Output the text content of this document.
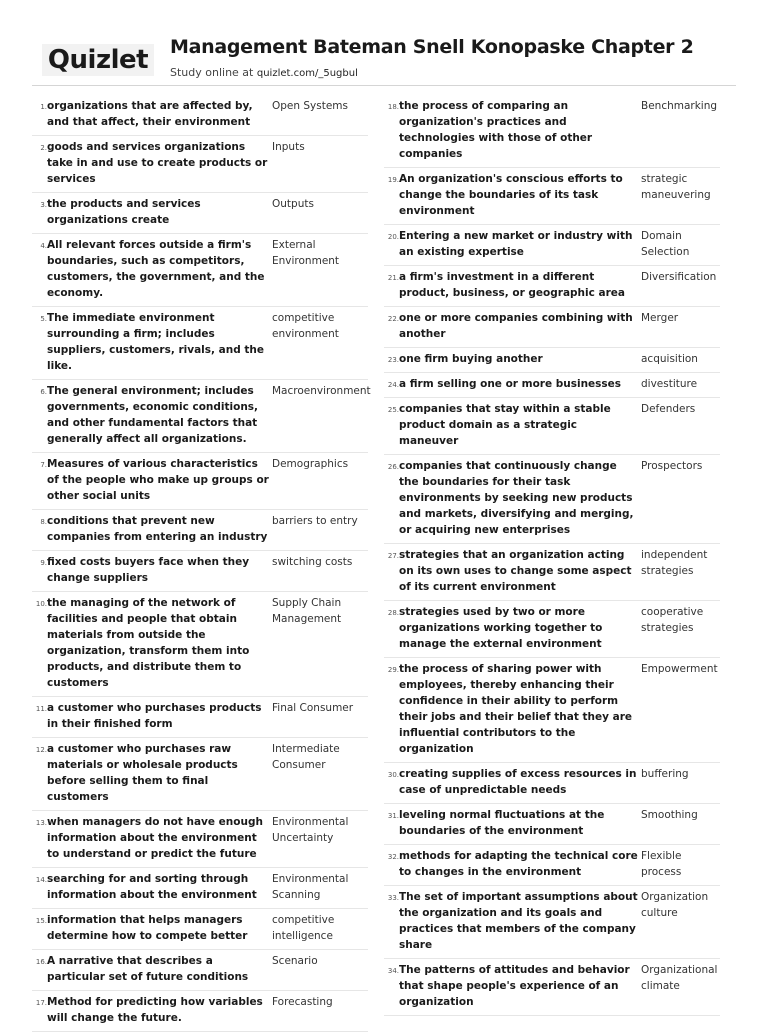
Quizlet	Management Bateman Snell Konopaske Chapter 2
Study online at quizlet.com/_5ugbul
1. organizations that are affected by, and that affect, their environment
Open Systems
2. goods and services organizations take in and use to create products or services
Inputs
3. the products and services organizations create
Outputs
4. All relevant forces outside a firm's boundaries, such as competitors, customers, the government, and the economy.
External Environment
5. The immediate environment surrounding a firm; includes suppliers, customers, rivals, and the like.
competitive environment
6. The general environment; includes governments, economic conditions, and other fundamental factors that generally affect all organizations.
Macroenvironment
7. Measures of various characteristics of the people who make up groups or other social units
Demographics
8. conditions that prevent new companies from entering an industry
barriers to entry
9. fixed costs buyers face when they change suppliers
switching costs
10. the managing of the network of facilities and people that obtain materials from outside the organization, transform them into products, and distribute them to customers
Supply Chain Management
11. a customer who purchases products in their finished form
Final Consumer
12. a customer who purchases raw materials or wholesale products before selling them to final customers
Intermediate Consumer
13. when managers do not have enough information about the environment to understand or predict the future
Environmental Uncertainty
14. searching for and sorting through information about the environment
Environmental Scanning
15. information that helps managers determine how to compete better
competitive intelligence
16. A narrative that describes a particular set of future conditions
Scenario
17. Method for predicting how variables will change the future.
Forecasting
18. the process of comparing an organization's practices and technologies with those of other companies
Benchmarking
19. An organization's conscious efforts to change the boundaries of its task environment
strategic maneuvering
20. Entering a new market or industry with an existing expertise
Domain Selection
21. a firm's investment in a different product, business, or geographic area
Diversification
22. one or more companies combining with another
Merger
23. one firm buying another	acquisition
24. a firm selling one or more businesses	divestiture
25. companies that stay within a stable product domain as a strategic maneuver
Defenders
26. companies that continuously change the boundaries for their task environments by seeking new products and markets, diversifying and merging, or acquiring new enterprises
Prospectors
27. strategies that an organization acting on its own uses to change some aspect of its current environment
independent strategies
28. strategies used by two or more organizations working together to manage the external environment
cooperative strategies
29. the process of sharing power with employees, thereby enhancing their confidence in their ability to perform their jobs and their belief that they are influential contributors to the organization
Empowerment
30. creating supplies of excess resources in case of unpredictable needs
buffering
31. leveling normal fluctuations at the boundaries of the environment
Smoothing
32. methods for adapting the technical core to changes in the environment
Flexible process
33. The set of important assumptions about the organization and its goals and practices that members of the company share
Organization culture
34. The patterns of attitudes and behavior that shape people's experience of an organization
Organizational climate
